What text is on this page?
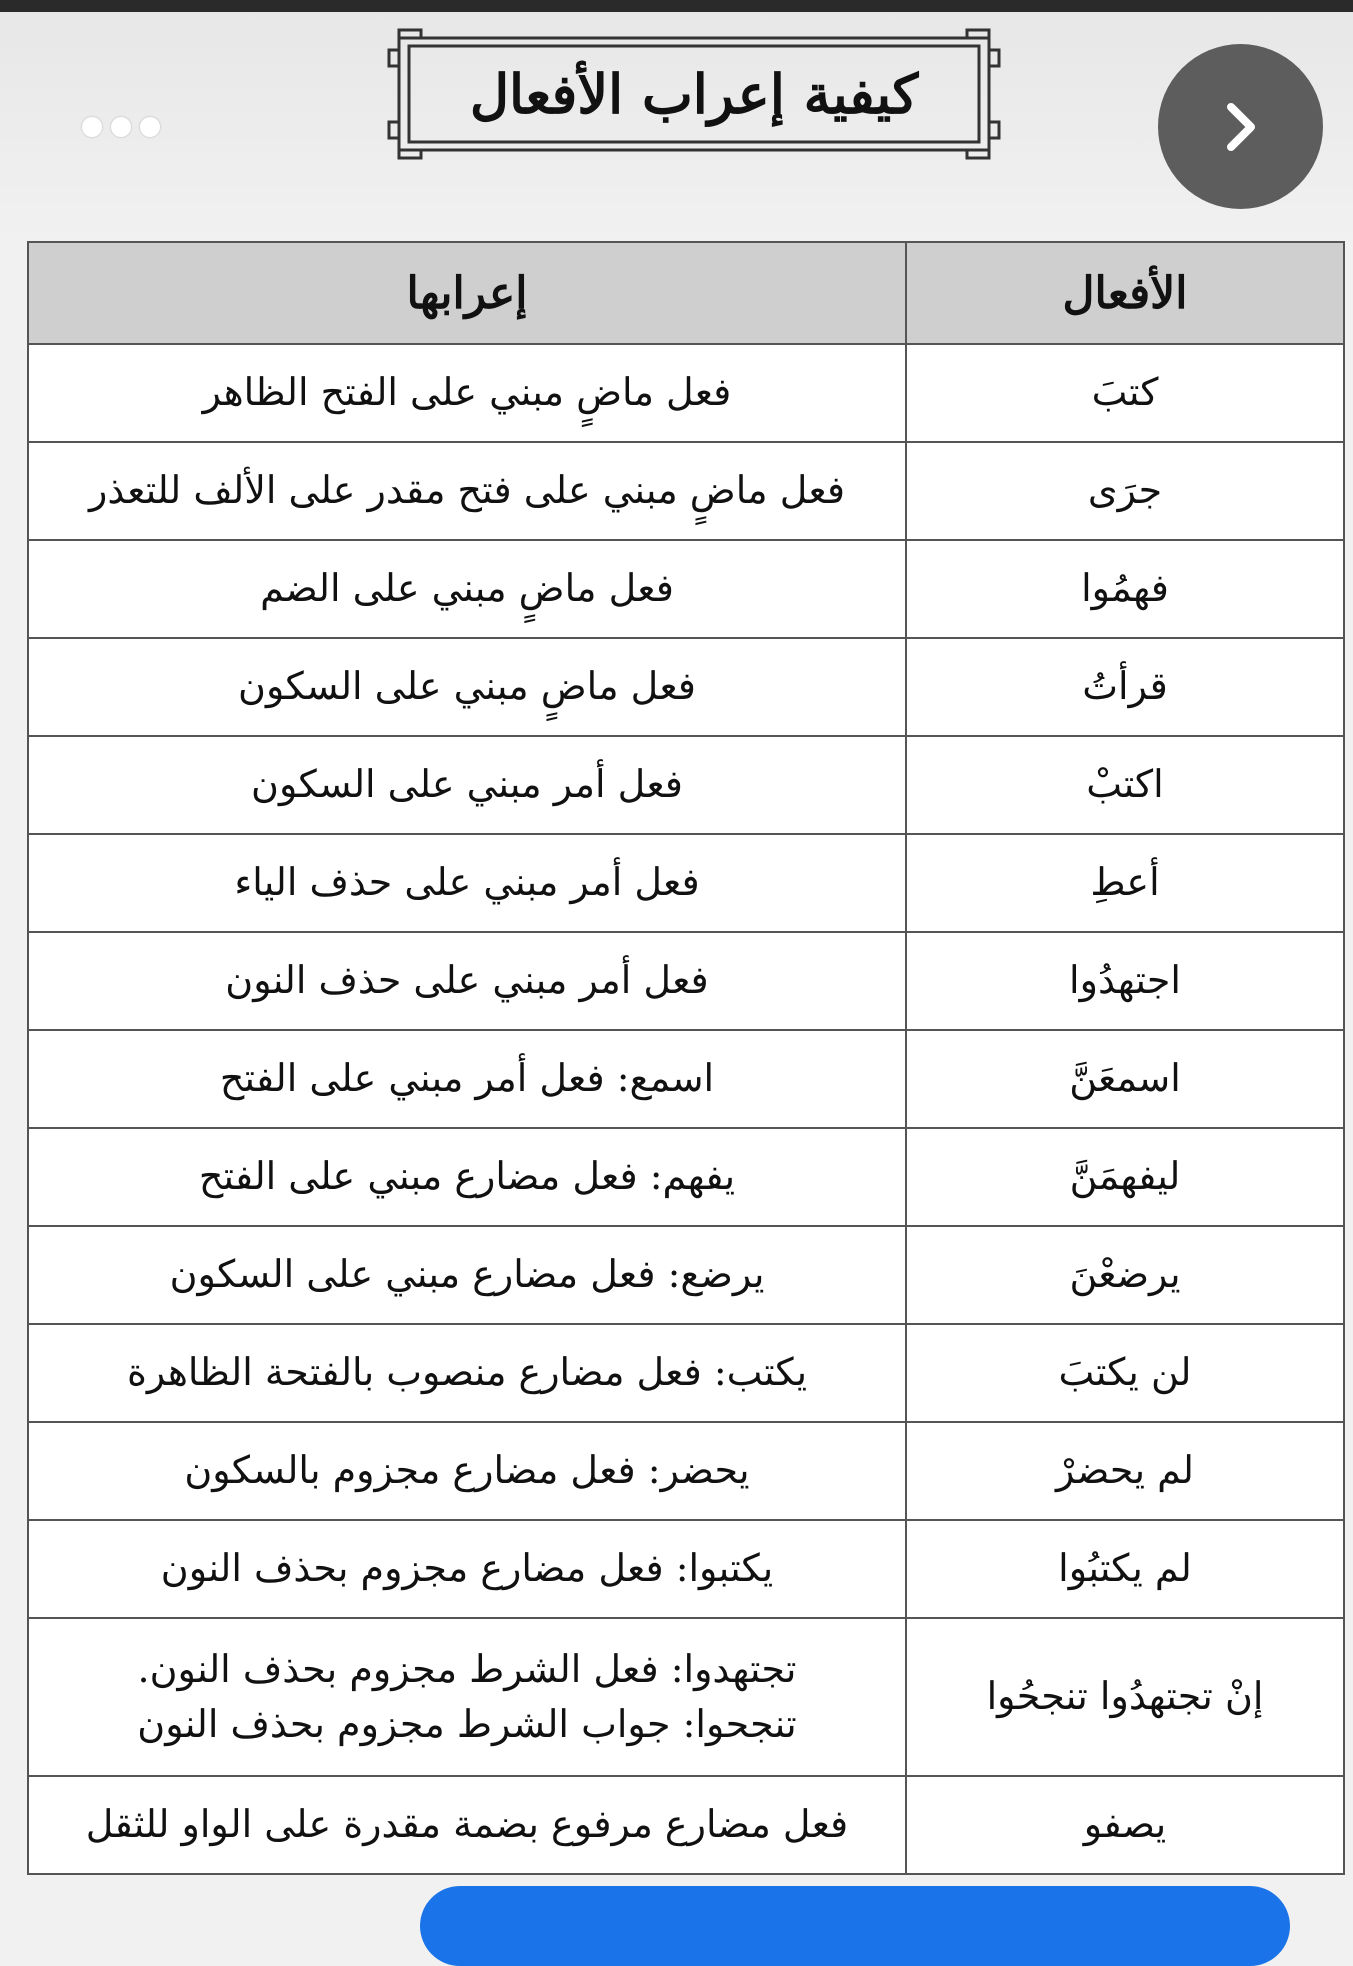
كيفية إعراب الأفعال
الأفعال	إعرابها
كتبَ	فعل ماضٍ مبني على الفتح الظاهر
جرَى	فعل ماضٍ مبني على فتح مقدر على الألف للتعذر
فهمُوا	فعل ماضٍ مبني على الضم
قرأتُ	فعل ماضٍ مبني على السكون
اكتبْ	فعل أمر مبني على السكون
أعطِ	فعل أمر مبني على حذف الياء
اجتهدُوا	فعل أمر مبني على حذف النون
اسمعَنَّ	اسمع: فعل أمر مبني على الفتح
ليفهمَنَّ	يفهم: فعل مضارع مبني على الفتح
يرضعْنَ	يرضع: فعل مضارع مبني على السكون
لن يكتبَ	يكتب: فعل مضارع منصوب بالفتحة الظاهرة
لم يحضرْ	يحضر: فعل مضارع مجزوم بالسكون
لم يكتبُوا	يكتبوا: فعل مضارع مجزوم بحذف النون
إنْ تجتهدُوا تنجحُوا	تجتهدوا: فعل الشرط مجزوم بحذف النون.
تنجحوا: جواب الشرط مجزوم بحذف النون

يصفو	فعل مضارع مرفوع بضمة مقدرة على الواو للثقل
